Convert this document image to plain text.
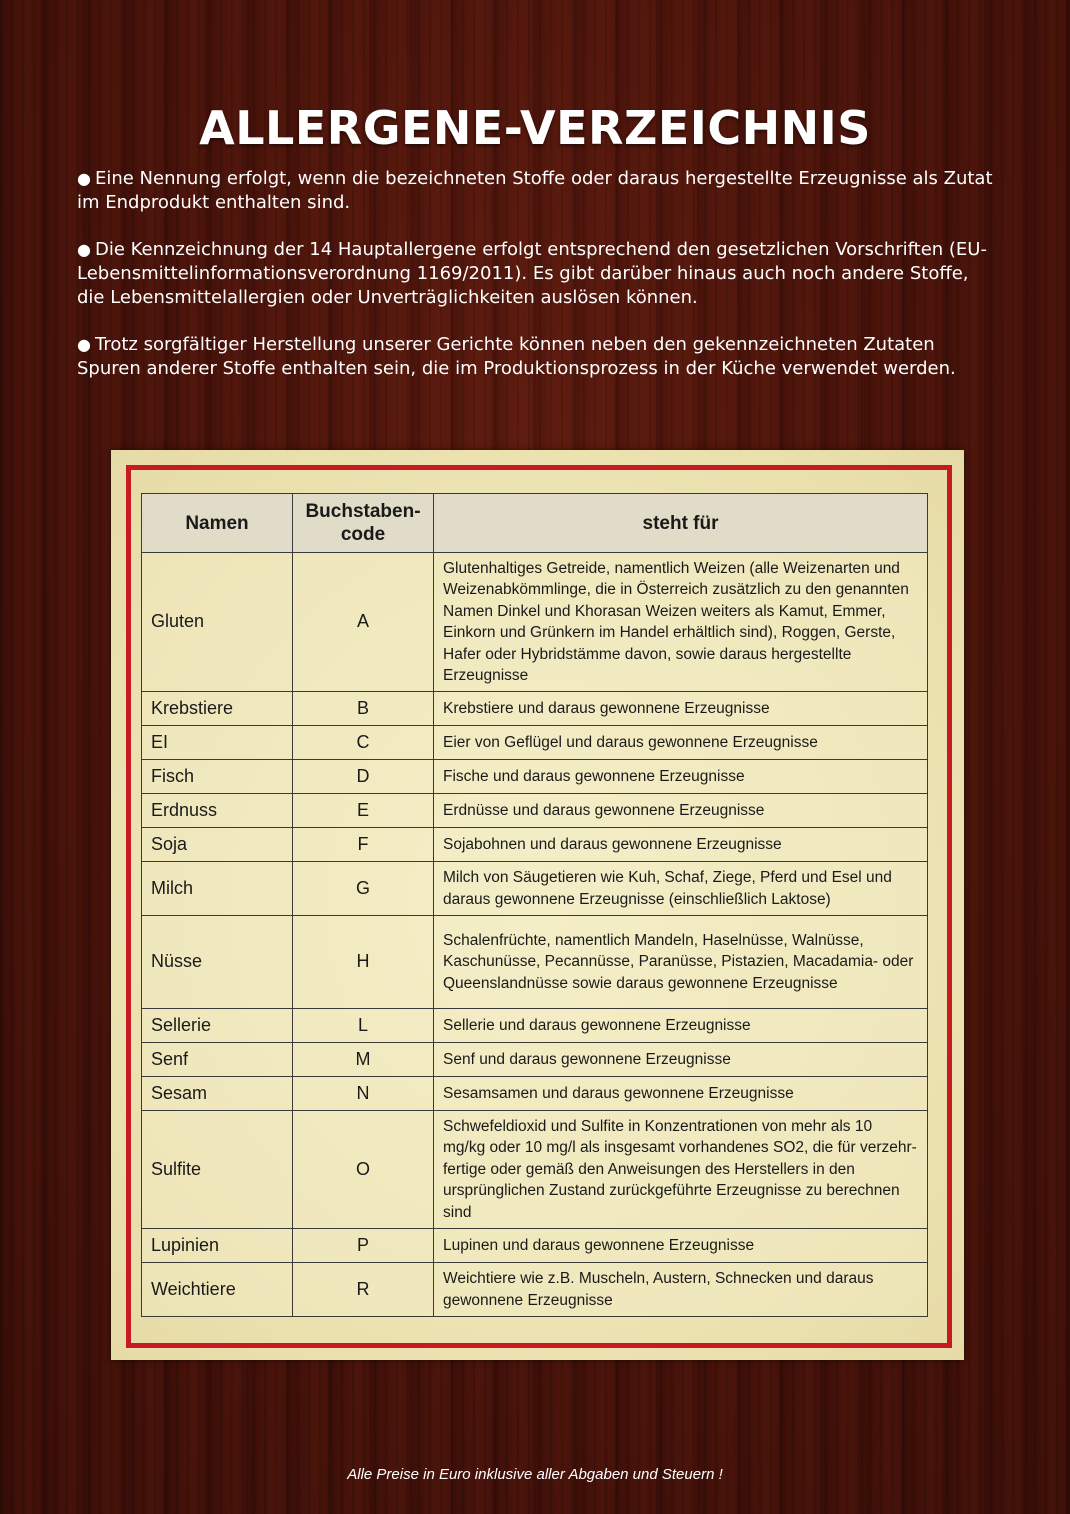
ALLERGENE-VERZEICHNIS

● Eine Nennung erfolgt, wenn die bezeichneten Stoffe oder daraus hergestellte Erzeugnisse als Zutat im Endprodukt enthalten sind.

● Die Kennzeichnung der 14 Hauptallergene erfolgt entsprechend den gesetzlichen Vorschriften (EU-Lebensmittelinformationsverordnung 1169/2011). Es gibt darüber hinaus auch noch andere Stoffe, die Lebensmittelallergien oder Unverträglichkeiten auslösen können.

● Trotz sorgfältiger Herstellung unserer Gerichte können neben den gekennzeichneten Zutaten Spuren anderer Stoffe enthalten sein, die im Produktionsprozess in der Küche verwendet werden.

Namen	Buchstaben-code	steht für
Gluten	A	Glutenhaltiges Getreide, namentlich Weizen (alle Weizenarten und Weizenabkömmlinge, die in Österreich zusätzlich zu den genannten Namen Dinkel und Khorasan Weizen weiters als Kamut, Emmer, Einkorn und Grünkern im Handel erhältlich sind), Roggen, Gerste, Hafer oder Hybridstämme davon, sowie daraus hergestellte Erzeugnisse
Krebstiere	B	Krebstiere und daraus gewonnene Erzeugnisse
EI	C	Eier von Geflügel und daraus gewonnene Erzeugnisse
Fisch	D	Fische und daraus gewonnene Erzeugnisse
Erdnuss	E	Erdnüsse und daraus gewonnene Erzeugnisse
Soja	F	Sojabohnen und daraus gewonnene Erzeugnisse
Milch	G	Milch von Säugetieren wie Kuh, Schaf, Ziege, Pferd und Esel und daraus gewonnene Erzeugnisse (einschließlich Laktose)
Nüsse	H	Schalenfrüchte, namentlich Mandeln, Haselnüsse, Walnüsse, Kaschunüsse, Pecannüsse, Paranüsse, Pistazien, Macadamia- oder Queenslandnüsse sowie daraus gewonnene Erzeugnisse
Sellerie	L	Sellerie und daraus gewonnene Erzeugnisse
Senf	M	Senf und daraus gewonnene Erzeugnisse
Sesam	N	Sesamsamen und daraus gewonnene Erzeugnisse
Sulfite	O	Schwefeldioxid und Sulfite in Konzentrationen von mehr als 10 mg/kg oder 10 mg/l als insgesamt vorhandenes SO2, die für verzehr-fertige oder gemäß den Anweisungen des Herstellers in den ursprünglichen Zustand zurückgeführte Erzeugnisse zu berechnen sind
Lupinien	P	Lupinen und daraus gewonnene Erzeugnisse
Weichtiere	R	Weichtiere wie z.B. Muscheln, Austern, Schnecken und daraus gewonnene Erzeugnisse
Alle Preise in Euro inklusive aller Abgaben und Steuern !
